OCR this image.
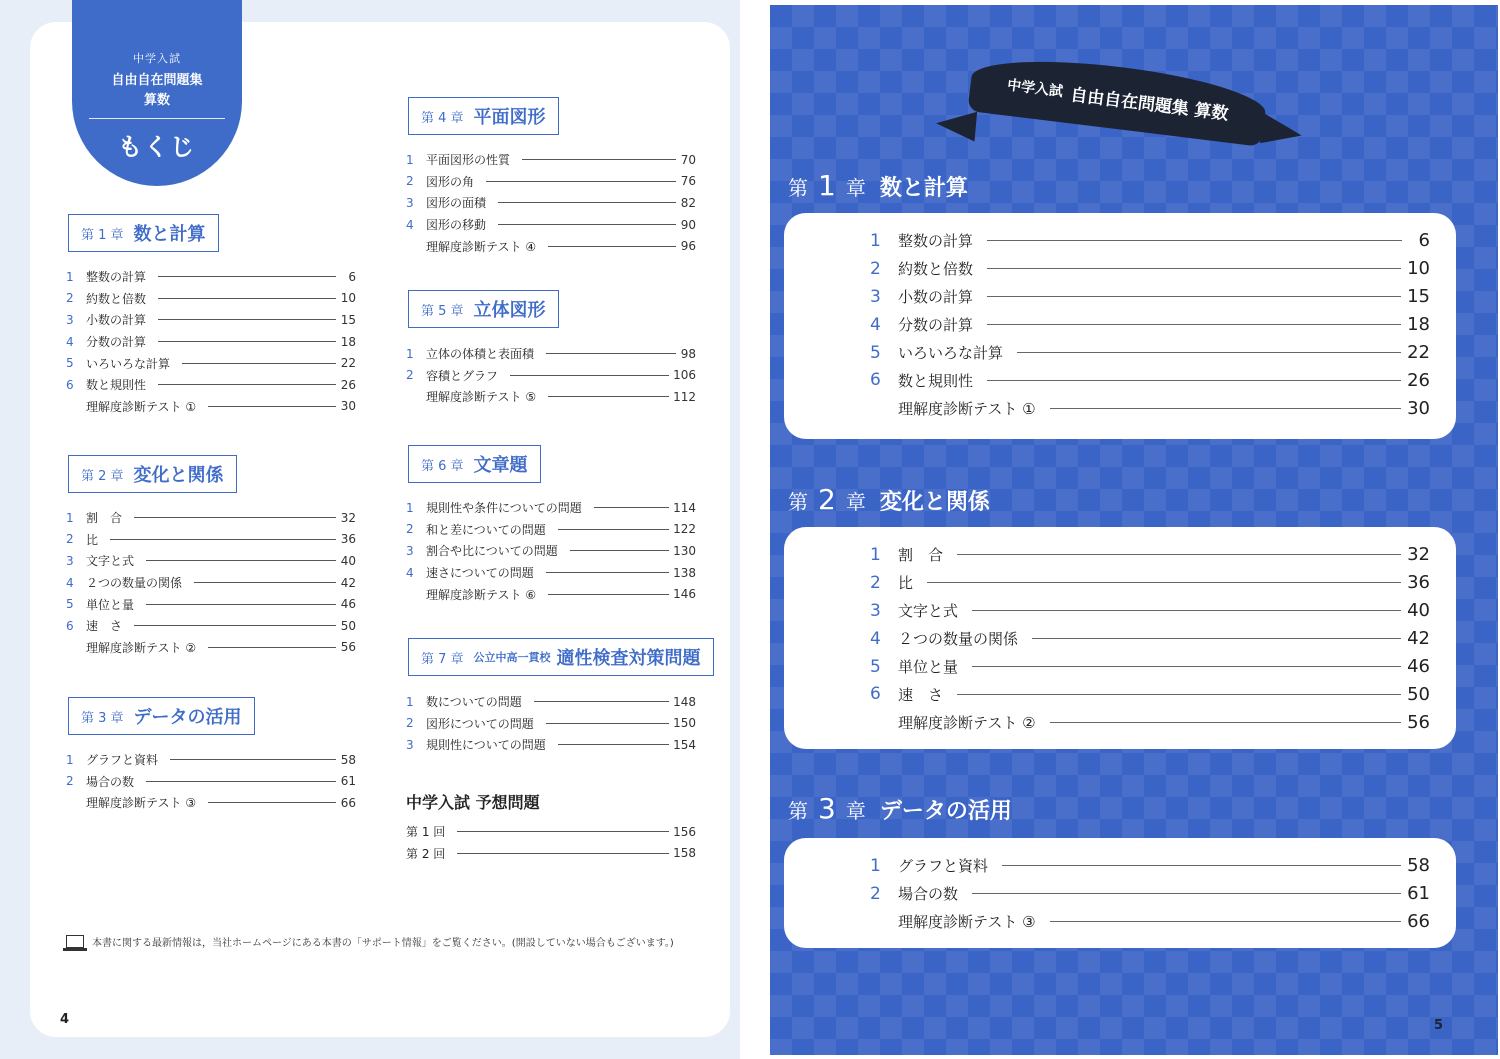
中学入試
自由自在問題集
算数
もくじ
第 1 章 数と計算
1	整数の計算	6
2	約数と倍数	10
3	小数の計算	15
4	分数の計算	18
5	いろいろな計算	22
6	数と規則性	26
理解度診断テスト ①	30
第 2 章 変化と関係
1	割　合	32
2	比	36
3	文字と式	40
4	２つの数量の関係	42
5	単位と量	46
6	速　さ	50
理解度診断テスト ②	56
第 3 章 データの活用
1	グラフと資料	58
2	場合の数	61
理解度診断テスト ③	66
第 4 章 平面図形
1	平面図形の性質	70
2	図形の角	76
3	図形の面積	82
4	図形の移動	90
理解度診断テスト ④	96
第 5 章 立体図形
1	立体の体積と表面積	98
2	容積とグラフ	106
理解度診断テスト ⑤	112
第 6 章 文章題
1	規則性や条件についての問題	114
2	和と差についての問題	122
3	割合や比についての問題	130
4	速さについての問題	138
理解度診断テスト ⑥	146
第 7 章 公立中高一貫校 適性検査対策問題
1	数についての問題	148
2	図形についての問題	150
3	規則性についての問題	154
中学入試 予想問題
第 1 回	156
第 2 回	158
本書に関する最新情報は，当社ホームページにある本書の「サポート情報」をご覧ください。(開設していない場合もございます。)
4
中学入試 自由自在問題集 算数
第 1 章 数と計算
1	整数の計算	6
2	約数と倍数	10
3	小数の計算	15
4	分数の計算	18
5	いろいろな計算	22
6	数と規則性	26
理解度診断テスト ①	30
第 2 章 変化と関係
1	割　合	32
2	比	36
3	文字と式	40
4	２つの数量の関係	42
5	単位と量	46
6	速　さ	50
理解度診断テスト ②	56
第 3 章 データの活用
1	グラフと資料	58
2	場合の数	61
理解度診断テスト ③	66
5
